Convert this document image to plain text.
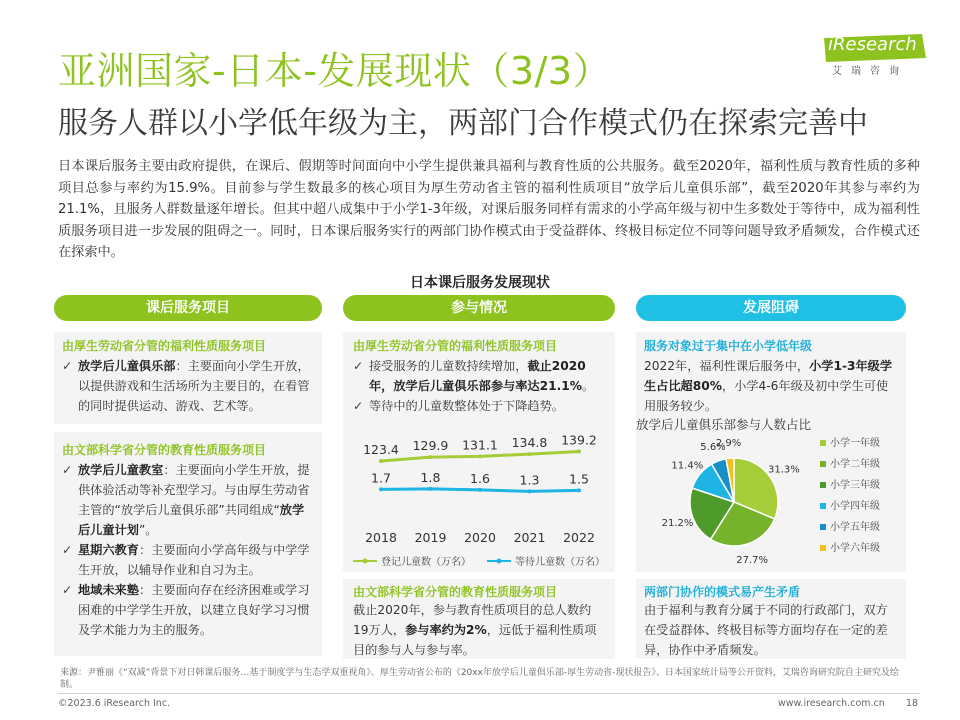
亚洲国家-日本-发展现状（3/3）
服务人群以小学低年级为主，两部门合作模式仍在探索完善中
iResearch
艾瑞咨询
日本课后服务主要由政府提供，在课后、假期等时间面向中小学生提供兼具福利与教育性质的公共服务。截至2020年，福利性质与教育性质的多种项目总参与率约为15.9%。目前参与学生数最多的核心项目为厚生劳动省主管的福利性质项目“放学后儿童俱乐部”，截至2020年其参与率约为21.1%，且服务人群数量逐年增长。但其中超八成集中于小学1-3年级，对课后服务同样有需求的小学高年级与初中生多数处于等待中，成为福利性质服务项目进一步发展的阻碍之一。同时，日本课后服务实行的两部门协作模式由于受益群体、终极目标定位不同等问题导致矛盾频发，合作模式还在探索中。
日本课后服务发展现状
课后服务项目	参与情况	发展阻碍
由厚生劳动省分管的福利性质服务项目
✓ 放学后儿童俱乐部：主要面向小学生开放，以提供游戏和生活场所为主要目的，在看管的同时提供运动、游戏、艺术等。
由文部科学省分管的教育性质服务项目
✓ 放学后儿童教室：主要面向小学生开放，提供体验活动等补充型学习。与由厚生劳动省主管的“放学后儿童俱乐部”共同组成“放学后儿童计划”。
✓ 星期六教育：主要面向小学高年级与中学学生开放，以辅导作业和自习为主。
✓ 地域未来塾：主要面向存在经济困难或学习困难的中学学生开放，以建立良好学习习惯及学术能力为主的服务。
由厚生劳动省分管的福利性质服务项目
✓ 接受服务的儿童数持续增加，截止2020年，放学后儿童俱乐部参与率达21.1%。
✓ 等待中的儿童数整体处于下降趋势。
123.4 129.9 131.1 134.8 139.2
1.7 1.8 1.6 1.3 1.5
2018 2019 2020 2021 2022
登记儿童数（万名）	等待儿童数（万名）
由文部科学省分管的教育性质服务项目
截止2020年，参与教育性质项目的总人数约19万人，参与率约为2%，远低于福利性质项目的参与人与参与率。
服务对象过于集中在小学低年级
2022年，福利性课后服务中，小学1-3年级学生占比超80%，小学4-6年级及初中学生可使用服务较少。
放学后儿童俱乐部参与人数占比
31.3%
27.7%
21.2%
11.4%
5.6%
2.9%	小学一年级
小学二年级
小学三年级
小学四年级
小学五年级
小学六年级
两部门协作的模式易产生矛盾
由于福利与教育分属于不同的行政部门，双方在受益群体、终极目标等方面均存在一定的差异，协作中矛盾频发。
来源：尹雅丽《“双减”背景下对日韩课后服务…基于制度学与生态学双重视角》、厚生劳动省公布的《20xx年放学后儿童俱乐部-厚生劳动省-现状报告》、日本国家统计局等公开资料，艾瑞咨询研究院自主研究及绘制。
©2023.6 iResearch Inc.	www.iresearch.com.cn 18
